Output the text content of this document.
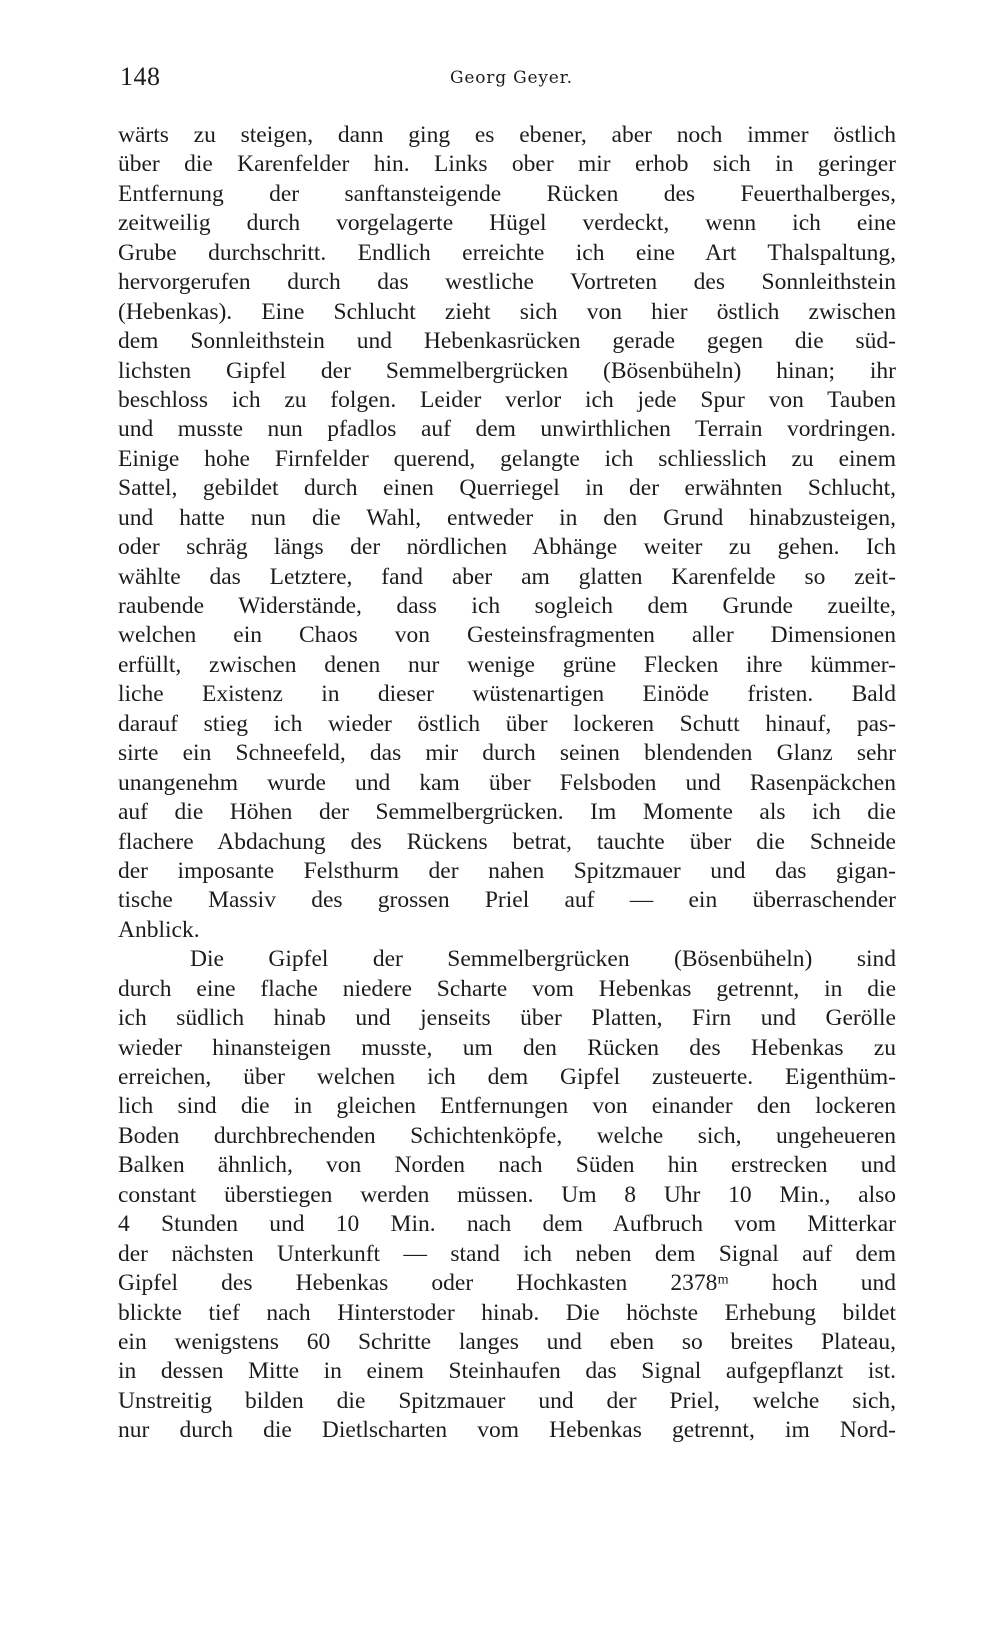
148	Georg Geyer.
wärts zu steigen, dann ging es ebener, aber noch immer östlich
über die Karenfelder hin. Links ober mir erhob sich in geringer
Entfernung der sanftansteigende Rücken des Feuerthalberges,
zeitweilig durch vorgelagerte Hügel verdeckt, wenn ich eine
Grube durchschritt. Endlich erreichte ich eine Art Thalspaltung,
hervorgerufen durch das westliche Vortreten des Sonnleithstein
(Hebenkas). Eine Schlucht zieht sich von hier östlich zwischen
dem Sonnleithstein und Hebenkasrücken gerade gegen die süd-
lichsten Gipfel der Semmelbergrücken (Bösenbüheln) hinan; ihr
beschloss ich zu folgen. Leider verlor ich jede Spur von Tauben
und musste nun pfadlos auf dem unwirthlichen Terrain vordringen.
Einige hohe Firnfelder querend, gelangte ich schliesslich zu einem
Sattel, gebildet durch einen Querriegel in der erwähnten Schlucht,
und hatte nun die Wahl, entweder in den Grund hinabzusteigen,
oder schräg längs der nördlichen Abhänge weiter zu gehen. Ich
wählte das Letztere, fand aber am glatten Karenfelde so zeit-
raubende Widerstände, dass ich sogleich dem Grunde zueilte,
welchen ein Chaos von Gesteinsfragmenten aller Dimensionen
erfüllt, zwischen denen nur wenige grüne Flecken ihre kümmer-
liche Existenz in dieser wüstenartigen Einöde fristen. Bald
darauf stieg ich wieder östlich über lockeren Schutt hinauf, pas-
sirte ein Schneefeld, das mir durch seinen blendenden Glanz sehr
unangenehm wurde und kam über Felsboden und Rasenpäckchen
auf die Höhen der Semmelbergrücken. Im Momente als ich die
flachere Abdachung des Rückens betrat, tauchte über die Schneide
der imposante Felsthurm der nahen Spitzmauer und das gigan-
tische Massiv des grossen Priel auf — ein überraschender
Anblick.
Die Gipfel der Semmelbergrücken (Bösenbüheln) sind
durch eine flache niedere Scharte vom Hebenkas getrennt, in die
ich südlich hinab und jenseits über Platten, Firn und Gerölle
wieder hinansteigen musste, um den Rücken des Hebenkas zu
erreichen, über welchen ich dem Gipfel zusteuerte. Eigenthüm-
lich sind die in gleichen Entfernungen von einander den lockeren
Boden durchbrechenden Schichtenköpfe, welche sich, ungeheueren
Balken ähnlich, von Norden nach Süden hin erstrecken und
constant überstiegen werden müssen. Um 8 Uhr 10 Min., also
4 Stunden und 10 Min. nach dem Aufbruch vom Mitterkar
der nächsten Unterkunft — stand ich neben dem Signal auf dem
Gipfel des Hebenkas oder Hochkasten 2378ᵐ hoch und
blickte tief nach Hinterstoder hinab. Die höchste Erhebung bildet
ein wenigstens 60 Schritte langes und eben so breites Plateau,
in dessen Mitte in einem Steinhaufen das Signal aufgepflanzt ist.
Unstreitig bilden die Spitzmauer und der Priel, welche sich,
nur durch die Dietlscharten vom Hebenkas getrennt, im Nord-
